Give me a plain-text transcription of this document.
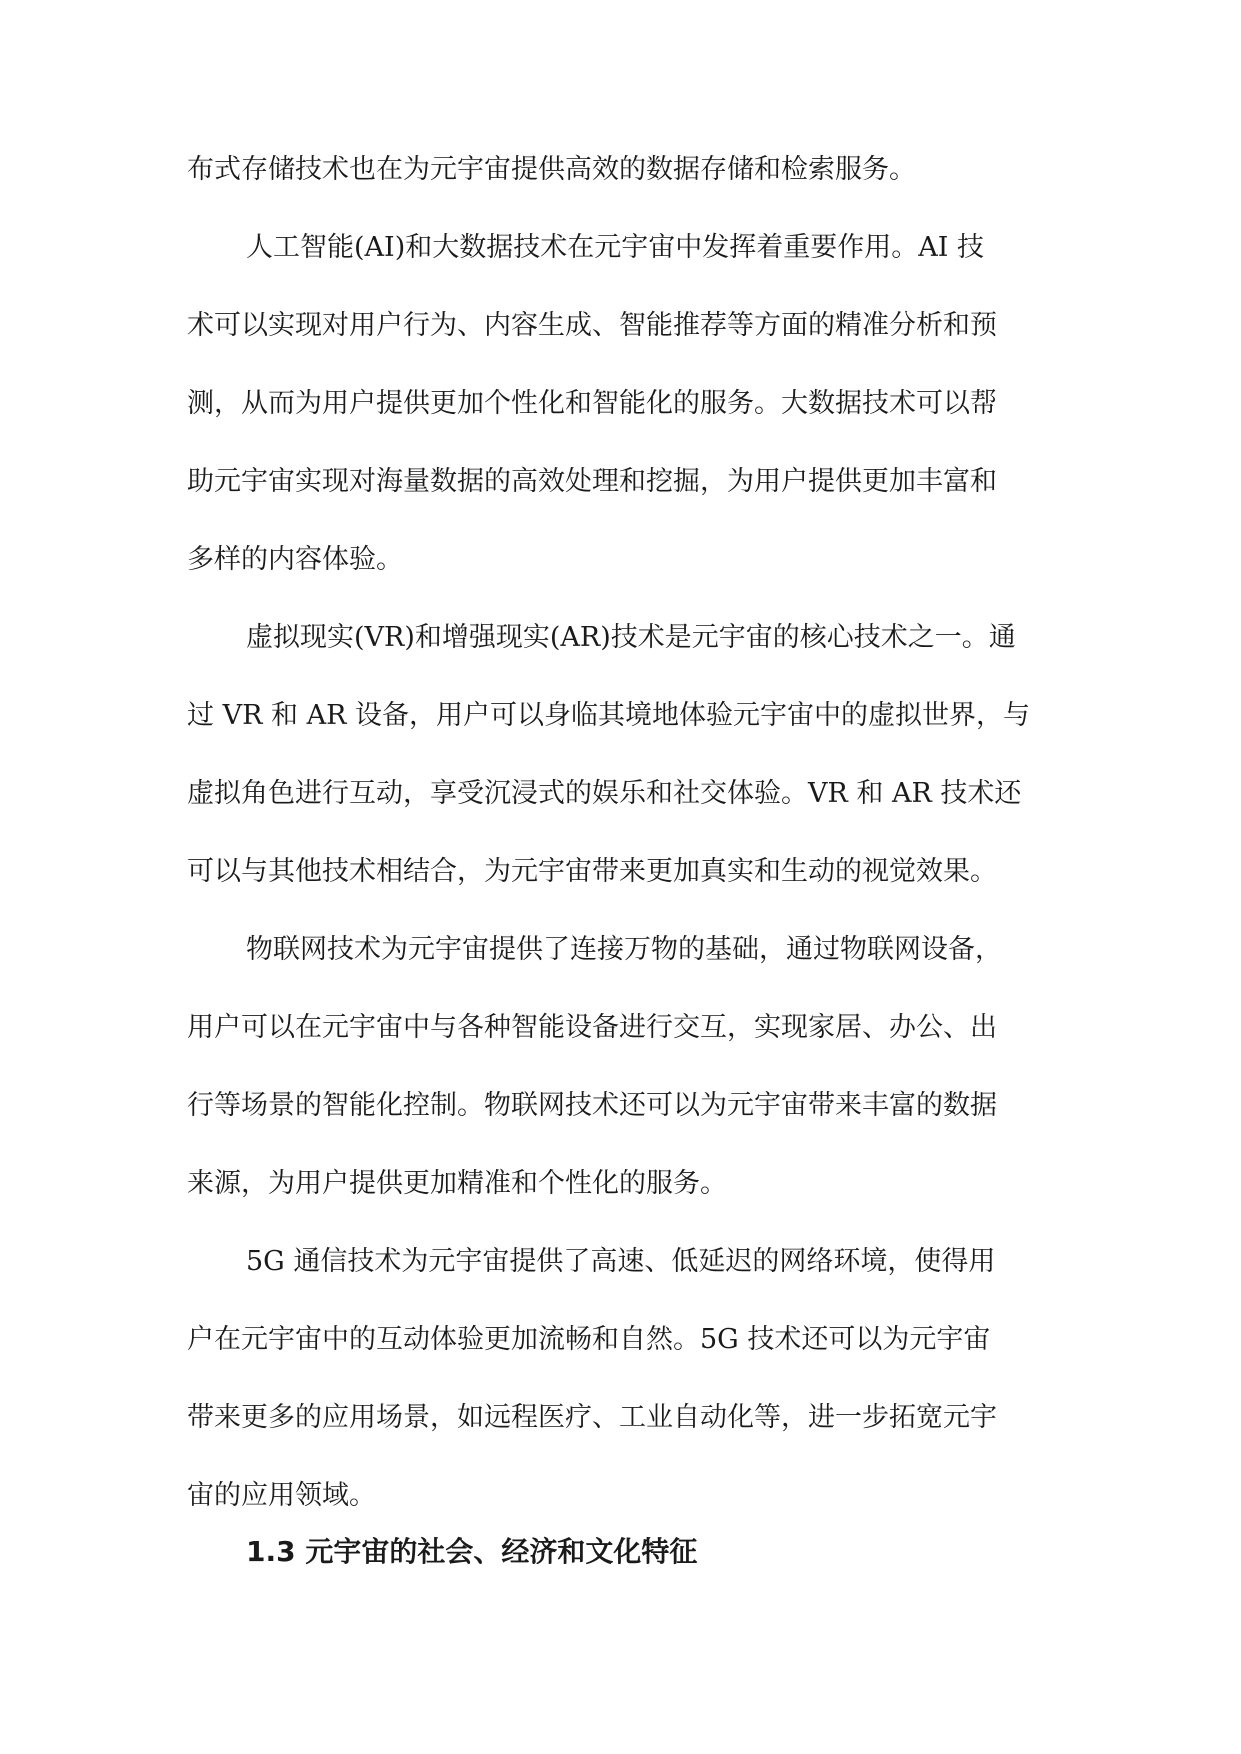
布式存储技术也在为元宇宙提供高效的数据存储和检索服务。
人工智能(AI)和大数据技术在元宇宙中发挥着重要作用。AI 技
术可以实现对用户行为、内容生成、智能推荐等方面的精准分析和预
测，从而为用户提供更加个性化和智能化的服务。大数据技术可以帮
助元宇宙实现对海量数据的高效处理和挖掘，为用户提供更加丰富和
多样的内容体验。
虚拟现实(VR)和增强现实(AR)技术是元宇宙的核心技术之一。通
过 VR 和 AR 设备，用户可以身临其境地体验元宇宙中的虚拟世界，与
虚拟角色进行互动，享受沉浸式的娱乐和社交体验。VR 和 AR 技术还
可以与其他技术相结合，为元宇宙带来更加真实和生动的视觉效果。
物联网技术为元宇宙提供了连接万物的基础，通过物联网设备，
用户可以在元宇宙中与各种智能设备进行交互，实现家居、办公、出
行等场景的智能化控制。物联网技术还可以为元宇宙带来丰富的数据
来源，为用户提供更加精准和个性化的服务。
5G 通信技术为元宇宙提供了高速、低延迟的网络环境，使得用
户在元宇宙中的互动体验更加流畅和自然。5G 技术还可以为元宇宙
带来更多的应用场景，如远程医疗、工业自动化等，进一步拓宽元宇
宙的应用领域。
1.3 元宇宙的社会、经济和文化特征
